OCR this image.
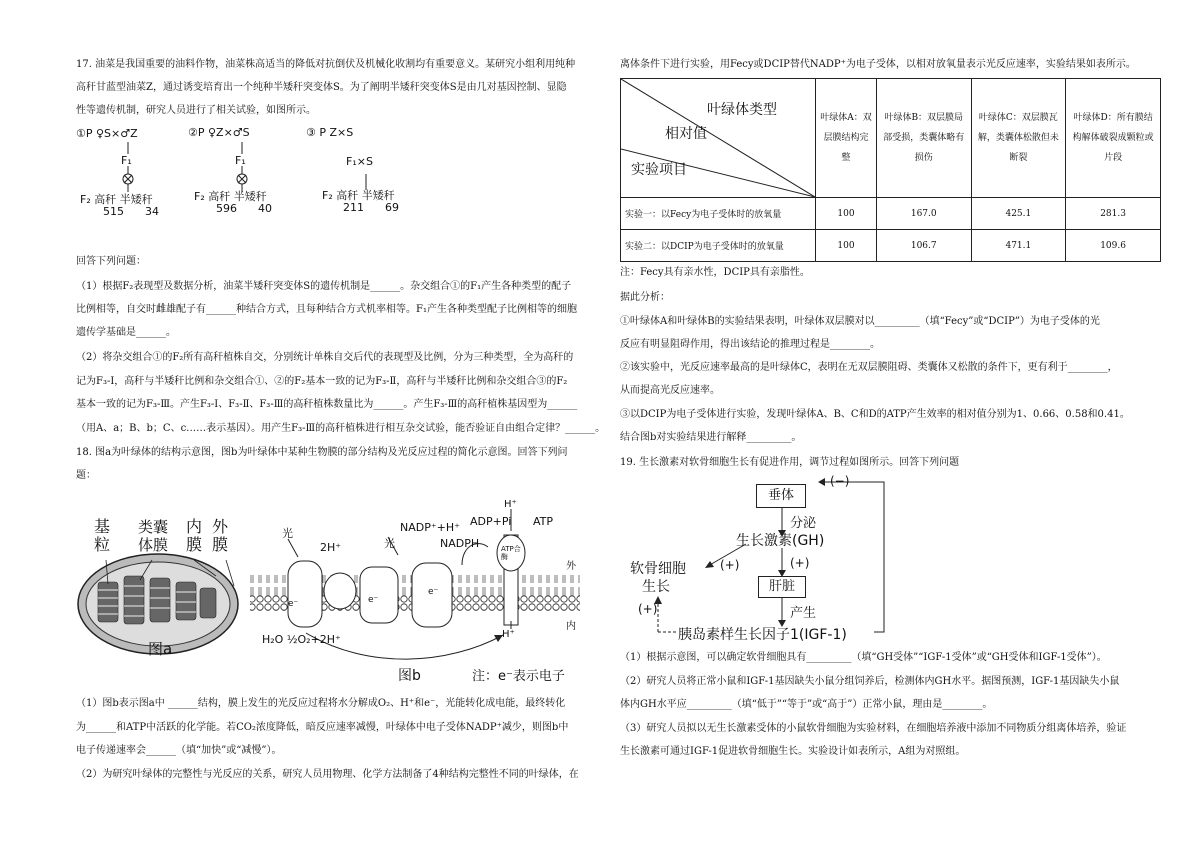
17. 油菜是我国重要的油料作物，油菜株高适当的降低对抗倒伏及机械化收割均有重要意义。某研究小组利用纯种
高秆甘蓝型油菜Z，通过诱变培育出一个纯种半矮秆突变体S。为了阐明半矮秆突变体S是由几对基因控制、显隐
性等遗传机制，研究人员进行了相关试验，如图所示。
①P ♀S×♂Z	②P ♀Z×♂S	③ P Z×S
F₁	F₁	F₁×S
F₂ 高秆 半矮秆
515      34
F₂ 高秆 半矮秆
596      40
F₂ 高秆 半矮秆
211      69
回答下列问题：
（1）根据F₂表现型及数据分析，油菜半矮秆突变体S的遗传机制是______。杂交组合①的F₁产生各种类型的配子
比例相等，自交时雌雄配子有______种结合方式，且每种结合方式机率相等。F₁产生各种类型配子比例相等的细胞
遗传学基础是______。
（2）将杂交组合①的F₂所有高秆植株自交，分别统计单株自交后代的表现型及比例，分为三种类型，全为高秆的
记为F₃-Ⅰ，高秆与半矮秆比例和杂交组合①、②的F₂基本一致的记为F₃-Ⅱ，高秆与半矮秆比例和杂交组合③的F₂
基本一致的记为F₃-Ⅲ。产生F₃-Ⅰ、F₃-Ⅱ、F₃-Ⅲ的高秆植株数量比为______。产生F₃-Ⅲ的高秆植株基因型为______
（用A、a；B、b；C、c……表示基因）。用产生F₃-Ⅲ的高秆植株进行相互杂交试验，能否验证自由组合定律？______。
18. 图a为叶绿体的结构示意图，图b为叶绿体中某种生物膜的部分结构及光反应过程的简化示意图。回答下列问
题：
基粒
类囊体膜
内膜
外膜
图a
光
光
2H⁺
NADP⁺+H⁺
NADPH
ADP+Pi ATP
ATP合酶
H⁺
H⁺
外
内
H₂O ½O₂+2H⁺
e⁻	e⁻
e⁻
图b	注：e⁻表示电子
（1）图b表示图a中 ______结构，膜上发生的光反应过程将水分解成O₂、H⁺和e⁻，光能转化成电能，最终转化
为______和ATP中活跃的化学能。若CO₂浓度降低，暗反应速率减慢，叶绿体中电子受体NADP⁺减少，则图b中
电子传递速率会______（填“加快”或“减慢”）。
（2）为研究叶绿体的完整性与光反应的关系，研究人员用物理、化学方法制备了4种结构完整性不同的叶绿体，在
离体条件下进行实验，用Fecy或DCIP替代NADP⁺为电子受体，以相对放氧量表示光反应速率，实验结果如表所示。
叶绿体类型
相对值
实验项目	叶绿体A：双层膜结构完整	叶绿体B：双层膜局部受损，类囊体略有损伤	叶绿体C：双层膜瓦解，类囊体松散但未断裂	叶绿体D：所有膜结构解体破裂成颗粒或片段
实验一：以Fecy为电子受体时的放氧量	100	167.0	425.1	281.3
实验二：以DCIP为电子受体时的放氧量	100	106.7	471.1	109.6
注：Fecy具有亲水性，DCIP具有亲脂性。
据此分析：
①叶绿体A和叶绿体B的实验结果表明，叶绿体双层膜对以_________（填“Fecy”或“DCIP”）为电子受体的光
反应有明显阻碍作用，得出该结论的推理过程是________。
②该实验中，光反应速率最高的是叶绿体C，表明在无双层膜阻碍、类囊体又松散的条件下，更有利于________，
从而提高光反应速率。
③以DCIP为电子受体进行实验，发现叶绿体A、B、C和D的ATP产生效率的相对值分别为1、0.66、0.58和0.41。
结合图b对实验结果进行解释_________。
19. 生长激素对软骨细胞生长有促进作用，调节过程如图所示。回答下列问题
垂体
(−)
分泌
生长激素(GH)
软骨细胞
生长
(+)	(+)
肝脏
产生
(+)
胰岛素样生长因子1(IGF-1)
（1）根据示意图，可以确定软骨细胞具有_________（填“GH受体”“IGF-1受体”或“GH受体和IGF-1受体”）。
（2）研究人员将正常小鼠和IGF-1基因缺失小鼠分组饲养后，检测体内GH水平。据图预测，IGF-1基因缺失小鼠
体内GH水平应_________（填“低于”“等于”或“高于”）正常小鼠，理由是________。
（3）研究人员拟以无生长激素受体的小鼠软骨细胞为实验材料，在细胞培养液中添加不同物质分组离体培养，验证
生长激素可通过IGF-1促进软骨细胞生长。实验设计如表所示，A组为对照组。
